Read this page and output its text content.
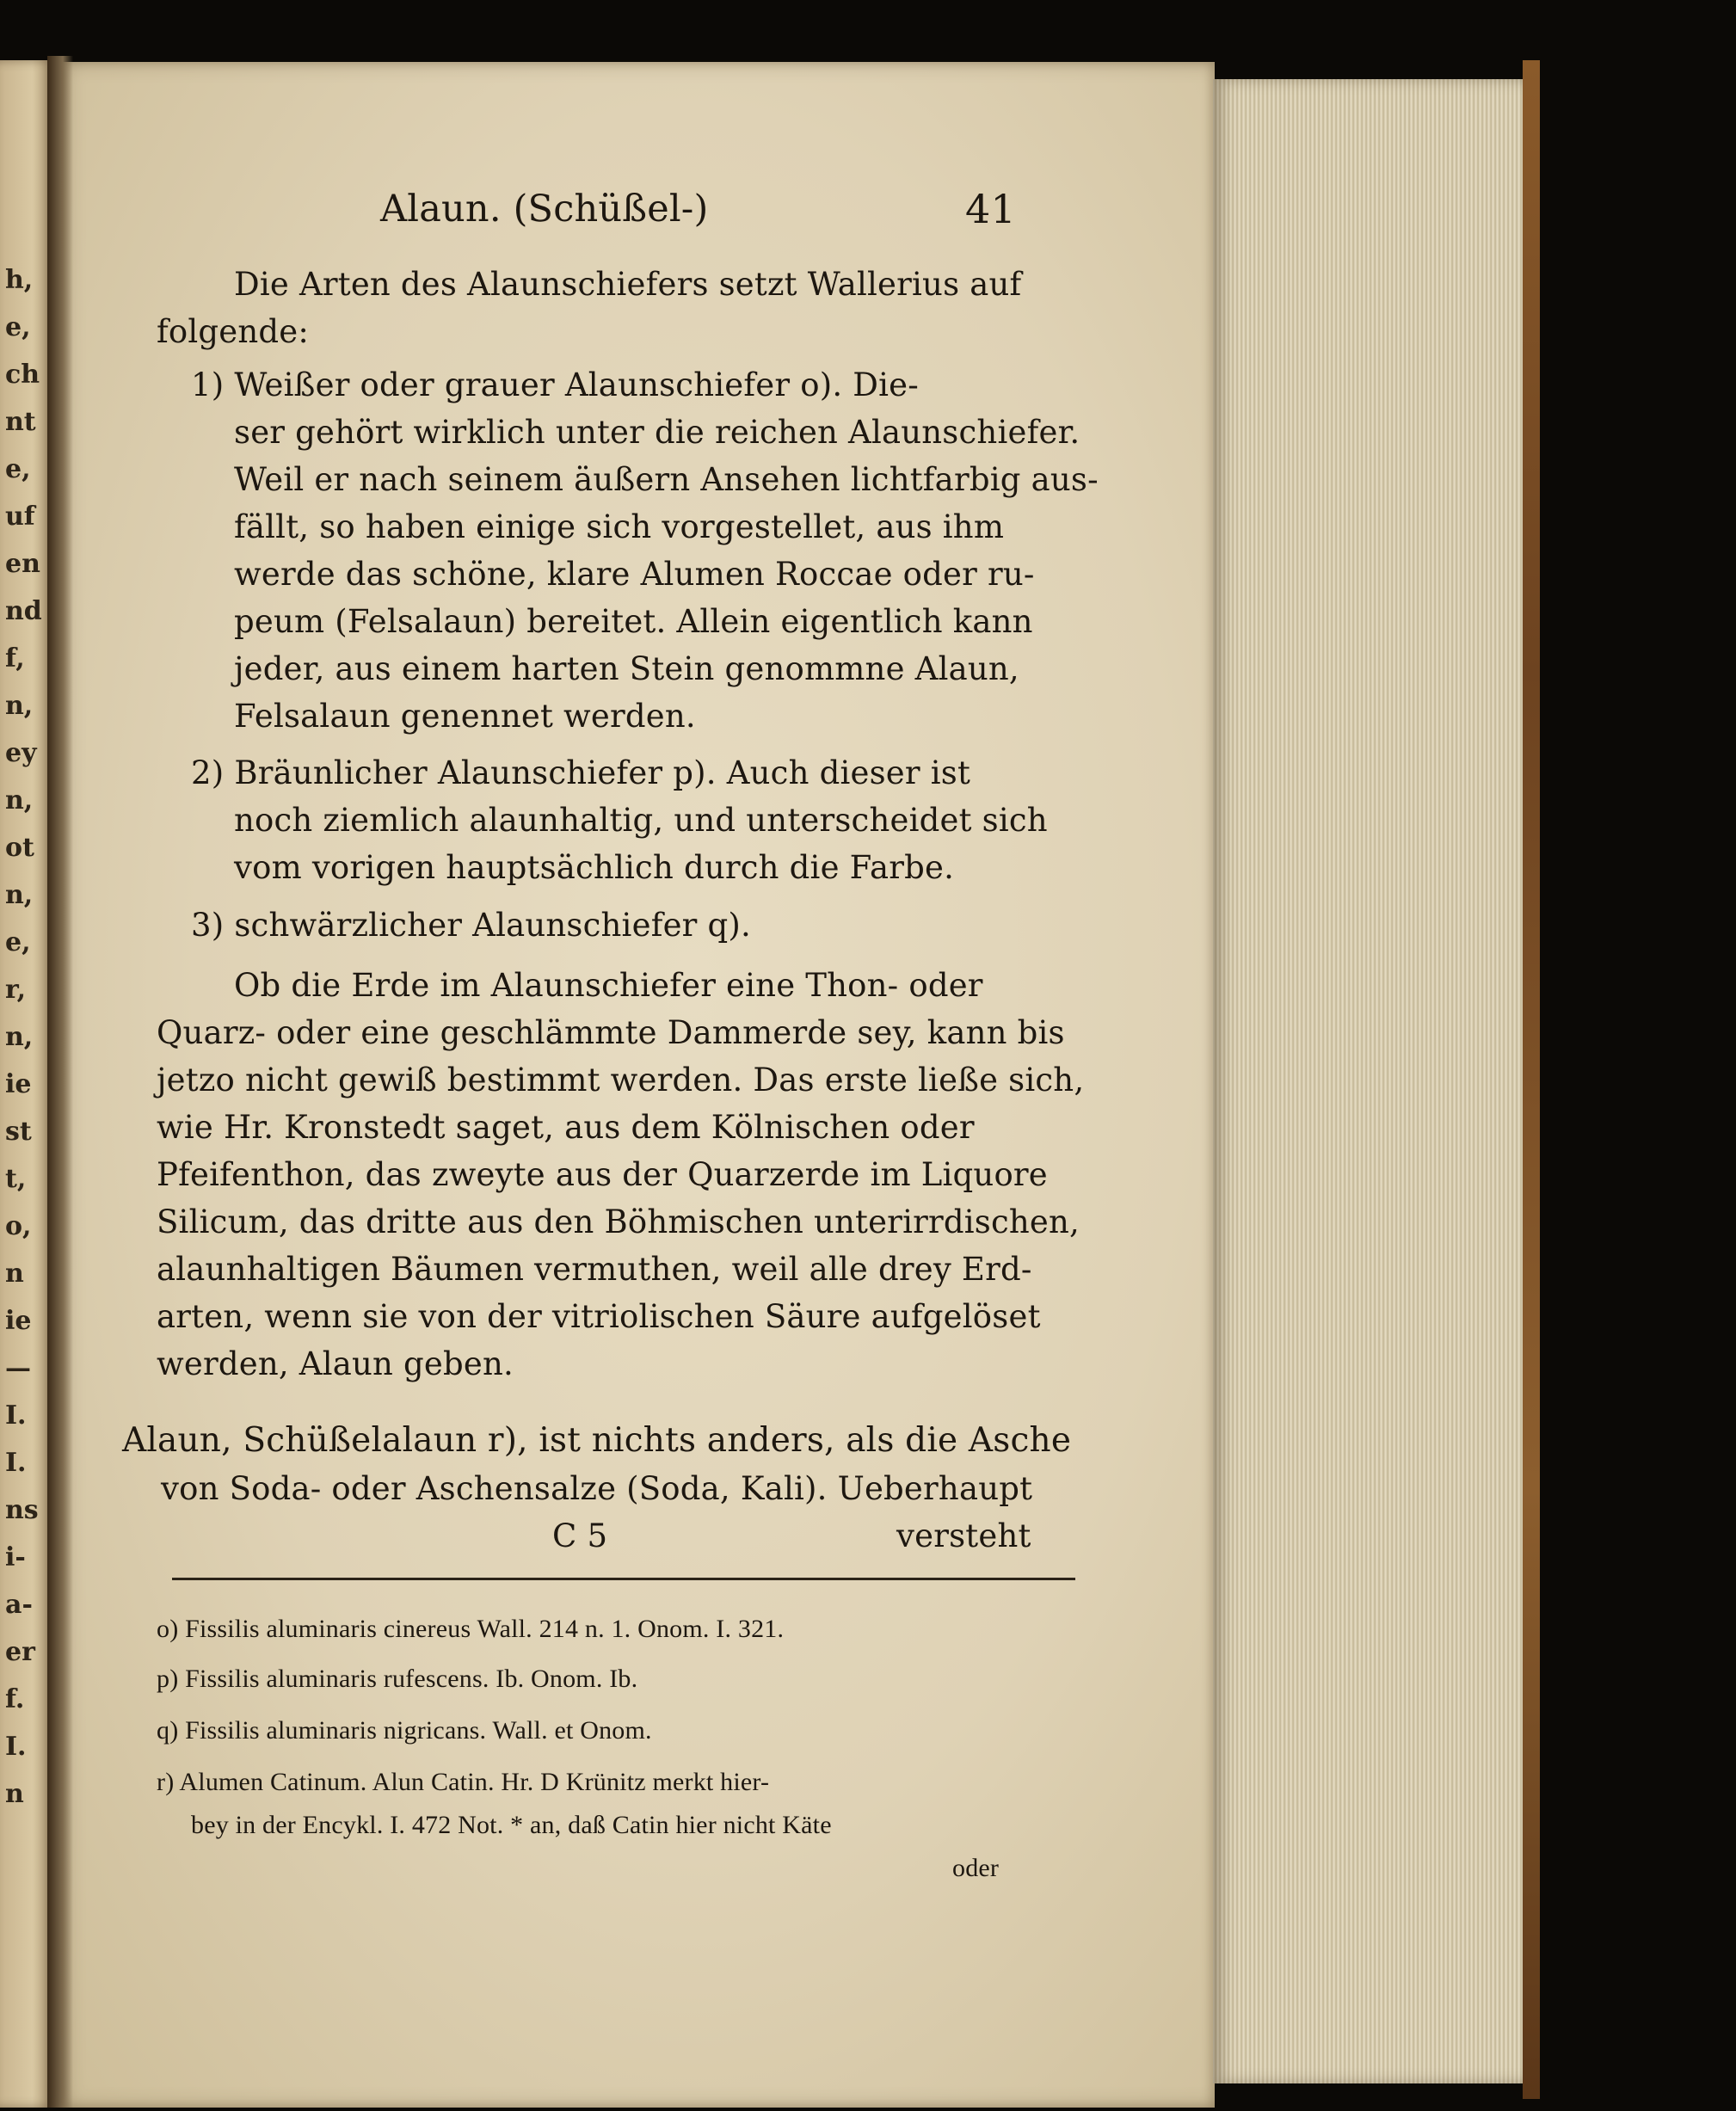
h,
e,
ch
nt
e,
uf
en
nd
f,
n,
ey
n,
ot
n,
e,
r,
n,
ie
st
t,
o,
n
ie
—
I.
I.
ns
i-
a-
er
f.
I.
n
Alaun. (Schüßel-)	41
Die Arten des Alaunschiefers setzt Wallerius auf
folgende:
1) Weißer oder grauer Alaunschiefer o). Die-
ser gehört wirklich unter die reichen Alaunschiefer.
Weil er nach seinem äußern Ansehen lichtfarbig aus-
fällt, so haben einige sich vorgestellet, aus ihm
werde das schöne, klare Alumen Roccae oder ru-
peum (Felsalaun) bereitet. Allein eigentlich kann
jeder, aus einem harten Stein genommne Alaun,
Felsalaun genennet werden.
2) Bräunlicher Alaunschiefer p). Auch dieser ist
noch ziemlich alaunhaltig, und unterscheidet sich
vom vorigen hauptsächlich durch die Farbe.
3) schwärzlicher Alaunschiefer q).
Ob die Erde im Alaunschiefer eine Thon- oder
Quarz- oder eine geschlämmte Dammerde sey, kann bis
jetzo nicht gewiß bestimmt werden. Das erste ließe sich,
wie Hr. Kronstedt saget, aus dem Kölnischen oder
Pfeifenthon, das zweyte aus der Quarzerde im Liquore
Silicum, das dritte aus den Böhmischen unterirrdischen,
alaunhaltigen Bäumen vermuthen, weil alle drey Erd-
arten, wenn sie von der vitriolischen Säure aufgelöset
werden, Alaun geben.
Alaun, Schüßelalaun r), ist nichts anders, als die Asche
von Soda- oder Aschensalze (Soda, Kali). Ueberhaupt
C 5	versteht
o) Fissilis aluminaris cinereus Wall. 214 n. 1. Onom. I. 321.
p) Fissilis aluminaris rufescens. Ib. Onom. Ib.
q) Fissilis aluminaris nigricans. Wall. et Onom.
r) Alumen Catinum. Alun Catin. Hr. D Krünitz merkt hier-
bey in der Encykl. I. 472 Not. * an, daß Catin hier nicht Käte
oder
